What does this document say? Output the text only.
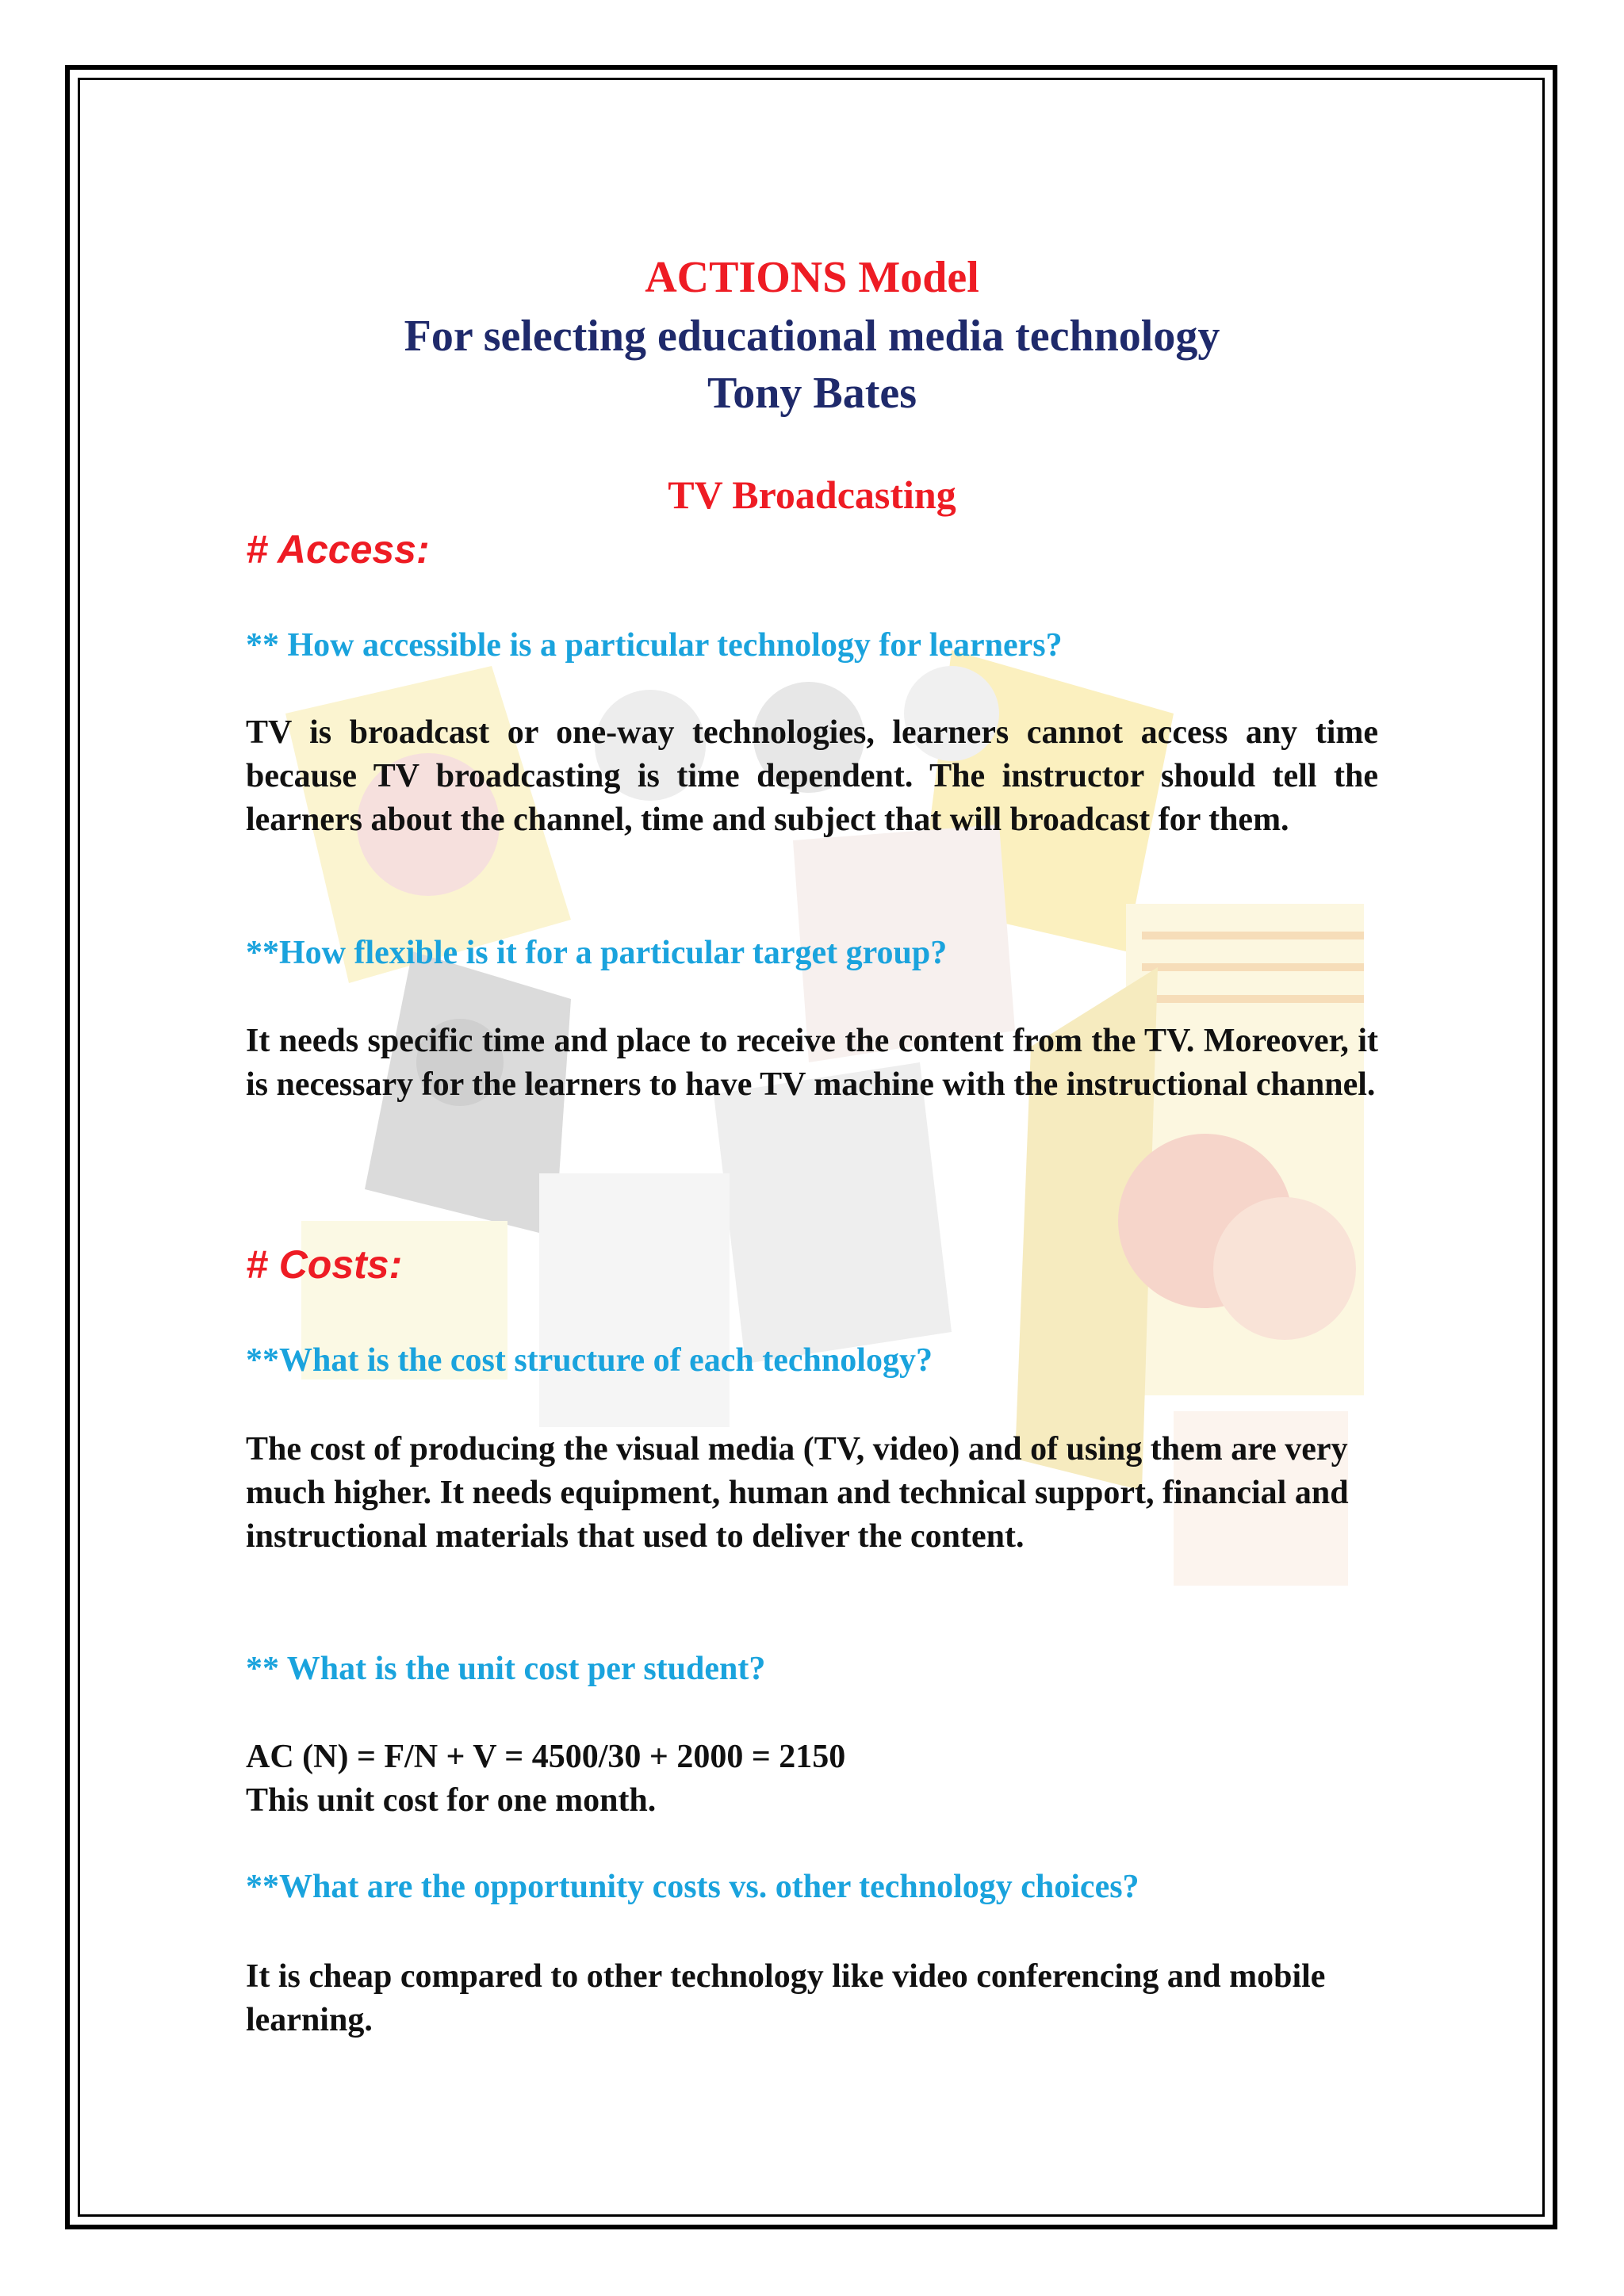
ACTIONS Model
For selecting educational media technology
Tony Bates
TV Broadcasting

# Access:

** How accessible is a particular technology for learners?

TV is broadcast or one-way technologies, learners cannot access any time because TV broadcasting is time dependent. The instructor should tell the learners about the channel, time and subject that will broadcast for them.

**How flexible is it for a particular target group?

It needs specific time and place to receive the content from the TV. Moreover, it is necessary for the learners to have TV machine with the instructional channel.

# Costs:

**What is the cost structure of each technology?

The cost of producing the visual media (TV, video) and of using them are very much higher. It needs equipment, human and technical support, financial and instructional materials that used to deliver the content.

** What is the unit cost per student?

AC (N) = F/N + V = 4500/30 + 2000 = 2150

This unit cost for one month.

**What are the opportunity costs vs. other technology choices?

It is cheap compared to other technology like video conferencing and mobile learning.
